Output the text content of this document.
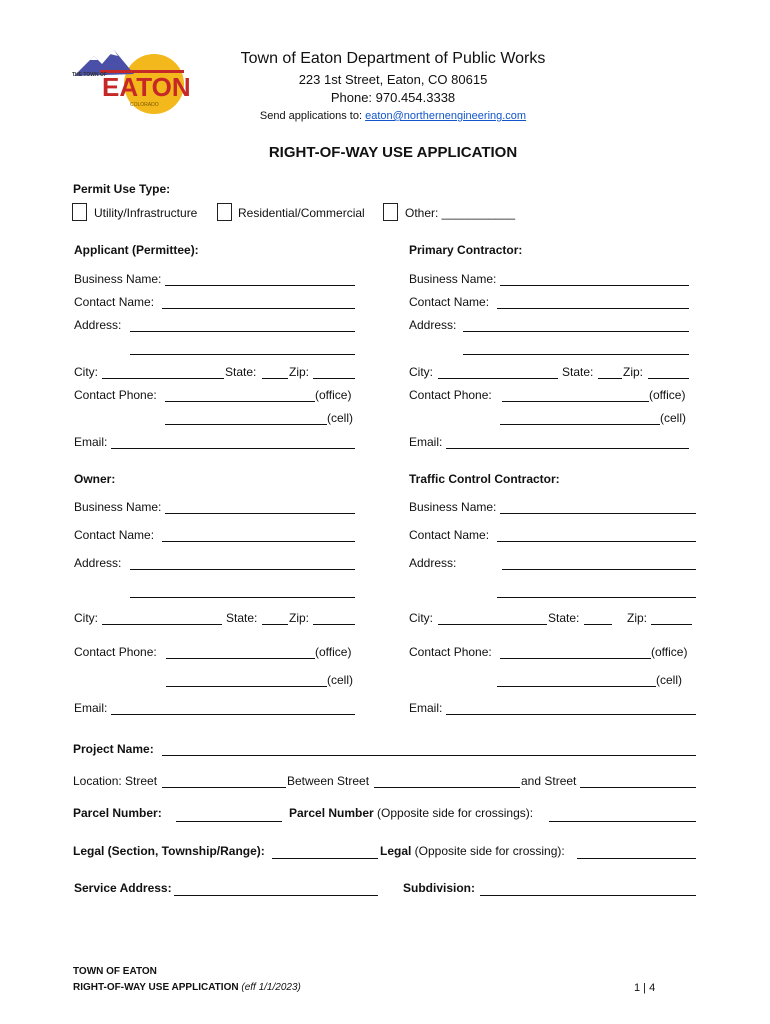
THE TOWN OF
EATON
COLORADO
Town of Eaton Department of Public Works
223 1st Street, Eaton, CO 80615
Phone: 970.454.3338
Send applications to: eaton@northernengineering.com
RIGHT-OF-WAY USE APPLICATION
Permit Use Type:
Utility/Infrastructure	Residential/Commercial	Other: ___________
Applicant (Permittee):	Primary Contractor:
Business Name:
Contact Name:
Address:
City:	State:	Zip:
Contact Phone:	(office)
(cell)
Email:
Business Name:
Contact Name:
Address:
City:	State: Zip:
Contact Phone:	(office)
(cell)
Email:
Owner:	Traffic Control Contractor:
Business Name:
Contact Name:
Address:
City:	State:	Zip:
Contact Phone:	(office)
(cell)
Email:
Business Name:
Contact Name:
Address:
City:	State:	Zip:
Contact Phone:	(office)
(cell)
Email:
Project Name:
Location: Street	Between Street	and Street
Parcel Number:	Parcel Number (Opposite side for crossings):
Legal (Section, Township/Range):	Legal (Opposite side for crossing):
Service Address:	Subdivision:
TOWN OF EATON
RIGHT-OF-WAY USE APPLICATION (eff 1/1/2023)	1 | 4
